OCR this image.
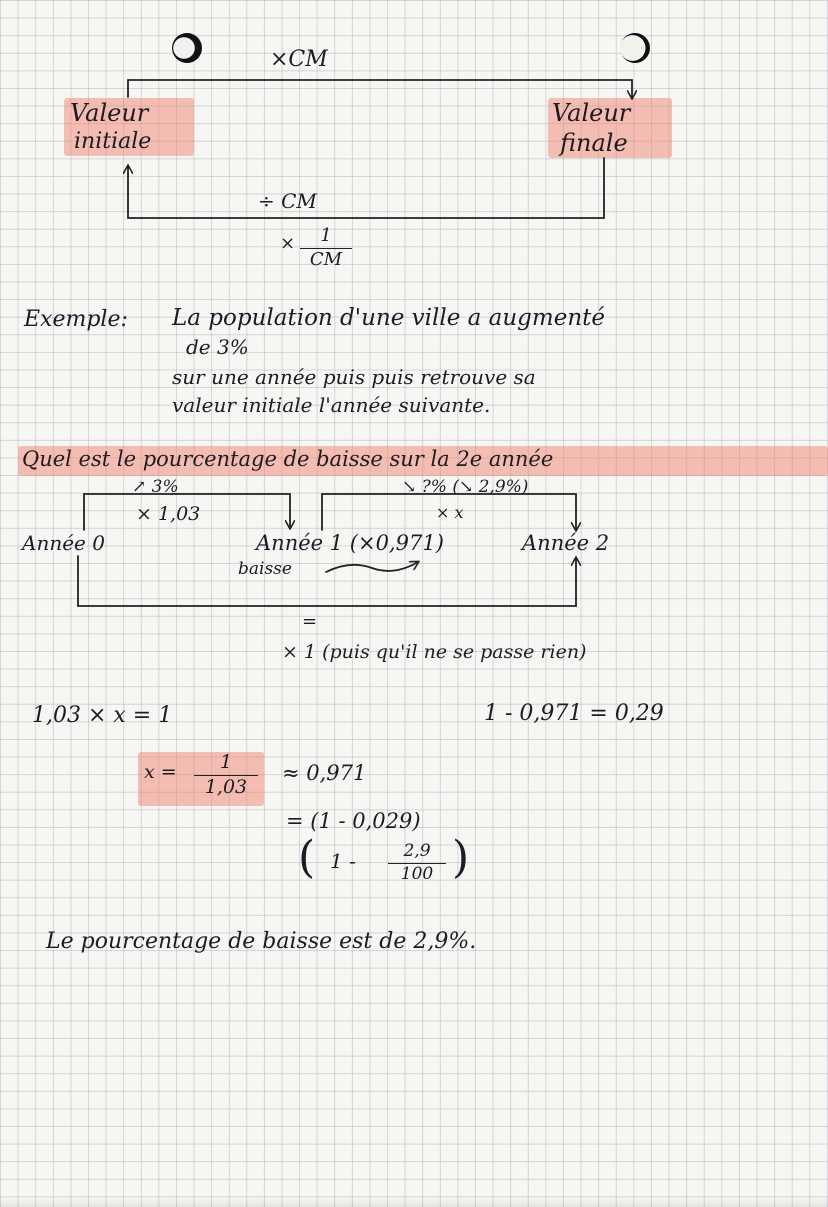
×CM
Valeur
initiale
Valeur
finale
÷ CM
×	1
CM
Exemple: La population d'une ville a augmenté
de 3%
sur une année puis puis retrouve sa
valeur initiale l'année suivante.
Quel est le pourcentage de baisse sur la 2e année
↗ 3%
× 1,03
↘ ?% (↘ 2,9%)
× x
Année 0	Année 1 (×0,971)	Année 2
baisse
=
× 1 (puis qu'il ne se passe rien)
1,03 × x = 1	1 - 0,971 = 0,29
x =	1
1,03
≈ 0,971
= (1 - 0,029)
( 1 -	2,9
100 )
Le pourcentage de baisse est de 2,9%.
